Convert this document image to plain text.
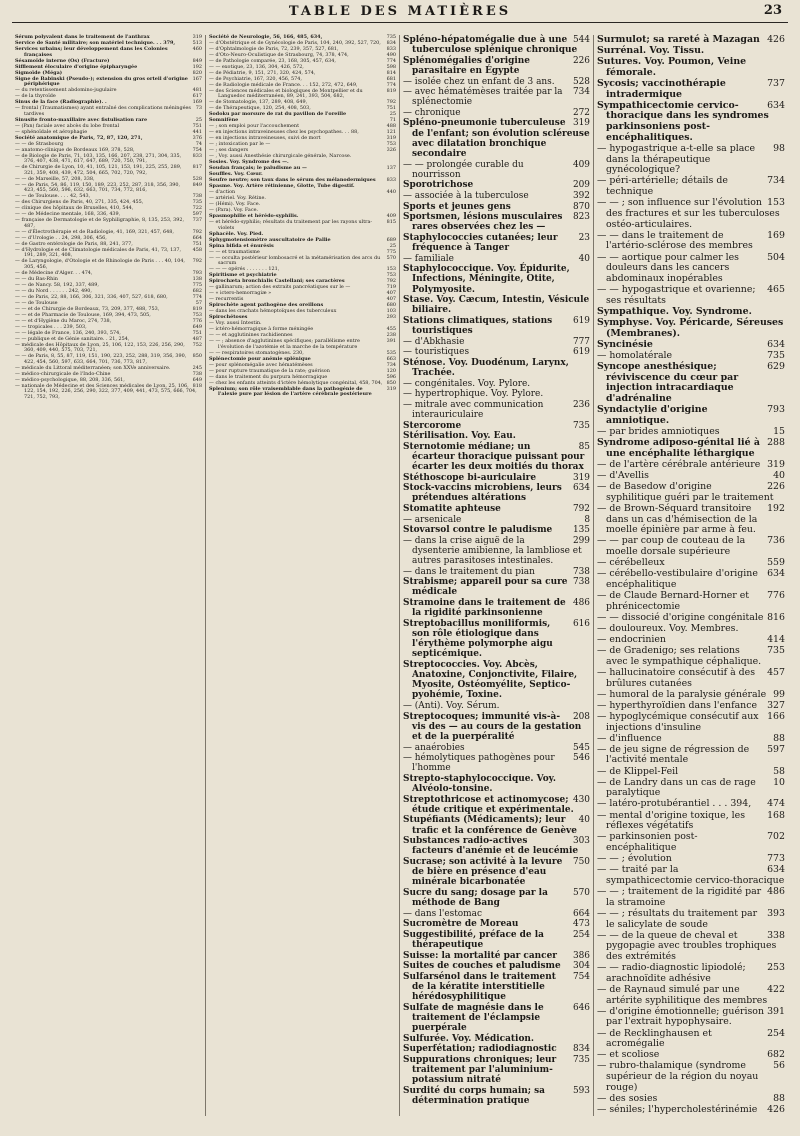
TABLE DES MATIÈRES	23
319
Sérum polyvalent dans le traitement de l'anthrax
513
Service de Santé militaire; son matériel technique. . . 379,
460
Services urbains; leur développement dans les Colonies françaises
849
Sésamoïde interne (Os) (Fracture)
192
Sifflement éloculaire d'origine épipharyngée
820
Sigmoïde (Méga)
167
Signe de Babinski (Pseudo-); extension du gros orteil d'origine périphérique
481
— du retentissement abdomino-jugulaire
617
— de la thyroïde
169
Sinus de la face (Radiographie). .
73
— frontal (Traumatismes) ayant entraîné des complications méningées tardives
25
Sinusite fronto-maxillaire avec fistulisation rare
751
— (Pan) faciale avec abcès du lobe frontal
441
— sphénoïdale et aérophagie
376
Société anatomique de Paris, 72, 87, 120, 271,
74
— — de Strasbourg
754
— anatomo-clinique de Bordeaux 169, 378, 528,
833
— de Biologie de Paris, 71, 103, 135, 166, 207, 238, 271, 304, 335, 376, 407, 438, 471, 617, 647, 689, 720, 750, 791,
817
— de Chirurgie de Lyon, 10, 41, 105, 121, 153, 191, 225, 255, 289, 321, 359, 408, 439, 472, 504, 665, 702, 720, 792,
528
— — de Marseille, 57, 208, 338,
849
— — de Paris, 54, 86, 119, 150, 189, 223, 252, 287, 318, 356, 390, 423, 455, 560, 596, 632, 663, 701, 734, 772, 816,
738
— — de Toulouse. . . . 42, 543,
735
— des Chirurgiens de Paris, 40, 271, 335, 424, 455,
722
— clinique des hôpitaux de Bruxelles, 410, 544,
597
— — de Médecine mentale, 168, 336, 439,
737
— française de Dermatologie et de Syphiligraphie, 8, 135, 253, 392, 487,
792
— — d'Électrothérapie et de Radiologie, 41, 169, 321, 457, 648,
664
— — d'Urologie . . 24, 298, 306, 456,
751
— de Gastro entérologie de Paris, 88, 241, 377,
458
— d'Hydrologie et de Climatologie médicales de Paris, 41, 73, 137, 191, 289, 321, 408,
792
— de Laryngologie, d'Otologie et de Rhinologie de Paris . . . 40, 104, 305, 456,
793
— de Médecine d'Alger. . . 474,
138
— — du Bas-Rhin
775
— — de Nancy. 58, 192, 337, 489,
682
— — du Nord . . . . . . 242, 490,
774
— — de Paris, 22, 88, 166, 306, 321, 336, 407, 527, 618, 680,
57
— — de Toulouse
819
— — et de Chirurgie de Bordeaux, 73, 209, 377, 488, 753,
753
— — et de Pharmacie de Toulouse, 169, 394, 473, 505,
776
— — et d'Hygiène du Maroc, 274, 738,
649
— — tropicales . . . 239, 503,
751
— — légale de France, 136, 240, 393, 574,
487
— — publique et de Génie sanitaire. . 21, 254,
752
— médicale des Hôpitaux de Lyon, 25, 106, 122, 153, 226, 256, 290, 360, 409, 440, 575, 703, 721,
850
— — de Paris, 8, 55, 87, 119, 151, 190, 223, 252, 288, 319, 356, 390, 422, 454, 560, 597, 633, 664, 701, 736, 773, 817,
245
— médicale du Littoral méditerranéen; son XXVe anniversaire.
738
— médico-chirurgicale de l'Indo-Chine
649
— médico-psychologique, 88, 208, 336, 561,
818
— nationale de Médecine et des Sciences médicales de Lyon, 25, 106, 122, 154, 192, 226, 256, 290, 322, 377, 409, 441, 473, 575, 666, 704, 721, 752, 793,
735
Société de Neurologie, 56, 166, 485, 634,
834
— d'Obstétrique et de Gynécologie de Paris, 104, 240, 392, 527, 720,
833
— d'Ophtalmologie de Paris, 72, 239, 357, 527, 681,
490
— d'Oto-Neuro-Oculistique de Strasbourg, 74, 378, 474,
774
— de Pathologie comparée, 23, 168, 305, 457, 634,
598
— — exotique, 23, 136, 304, 426, 572,
814
— de Pédiatrie, 9, 151, 271, 320, 424, 574,
681
— de Psychiatrie, 167, 320, 456, 574,
774
— de Radiologie médicale de France. . . 152, 272, 472, 649,
819
— des Sciences médicales et biologiques de Montpellier et du Languedoc méditerranéen, 89, 241, 393, 504, 682,
792
— de Stomatologie, 137, 289, 408, 649,
751
— de Thérapeutique, 120, 254, 408, 503,
25
Sodoku par morsure de rat du pavillon de l'oreille
71
Somnifène
488
— ; son emploi pour l'accouchement
121
— en injections intraveineuses chez les psychopathes. . . 88,
319
— en injections intraveineuses, suivi de mort
753
— ; intoxication par le —
326
— ; ses dangers
— , Voy. aussi Anesthésie chirurgicale générale, Narcose.
Sosies. Voy. Syndrome des —.
137
Soudan français; le paludisme au —
Souffles. Voy. Cœur.
833
Soufre neutre; son taux dans le sérum des mélanodermiques
Spasme. Voy. Artère rétinienne, Glotte, Tube digestif.
440
— d'action
— artériel. Voy. Rétine.
— (Hémi). Voy. Face.
— (Para). Voy. Face.
409
Spasmophilie et hérédo-syphilis.
815
— et hérédo-syphilis; résultats du traitement par les rayons ultra-violets
Sphacèle. Voy. Pied.
689
Sphygmotensiomètre auscultatoire de Pallie
25
Spina bifida et énurésis
775
— — et traumatisme
570
— — occulta postérieur lombosacré et la métamérisation des arcs du sacrum
153
— — — opérés . . . . . . . 121,
753
Spiritisme et psychiatrie
792
Spirochæta bronchialis Castellani; ses caractères
719
— gallinarum; action des extraits pancréatiques sur le —
407
— « ictero-hemorragiæ »
407
— recurrentis
680
Spirochète agent pathogène des oreillons
103
— dans les crachats hémoptoïques des tuberculeux
293
Spirochétoses
— Voy. aussi Intestin.
455
— ictéro-hémorragique à forme méningée
238
— — et agglutinines rachidiennes
391
— — ; absence d'agglutinines spécifiques; parallélisme entre l'évolution de l'azotémie et la marche de la température
535
— — respiratoires stomatogènes. 230,
663
Splénectomie pour anémie splénique
734
— pour splénomégalie avec hématémèses
120
— pour rupture traumatique de la rate; guérison
596
— dans le traitement du purpura hémorragique
850
— chez les enfants atteints d'ictère hémolytique congénital, 458, 704,
319
Splenium; son rôle vraisemblable dans la pathogénie de l'alexie pure par lésion de l'artère cérébrale postérieure
544
Spléno-hépatomégalie due à une tuberculose splénique chronique
226
Splénomégalies d'origine parasitaire en Égypte
528
— isolée chez un enfant de 3 ans.
734
— avec hématémèses traitée par la splénectomie
272
— chronique
319
Spléno-pneumonie tuberculeuse de l'enfant; son évolution scléreuse avec dilatation bronchique secondaire
409
— — prolongée curable du nourrisson
209
Sporotrichose
392
— associée à la tuberculose
870
Sports et jeunes gens
823
Sportsmen, lésions musculaires rares observées chez les —
23
Staphylococcies cutanées; leur fréquence à Tanger
40
— familiale
Staphylococcique. Voy. Épidurite, Infections, Méningite, Otite, Polymyosite.
Stase. Voy. Cæcum, Intestin, Vésicule biliaire.
619
Stations climatiques, stations touristiques
777
— d'Abkhasie
619
— touristiques
Sténose. Voy. Duodénum, Larynx, Trachée.
— congénitales. Voy. Pylore.
— hypertrophique. Voy. Pylore.
236
— mitrale avec communication interauriculaire
735
Stercorome
Stérilisation. Voy. Eau.
85
Sternotomie médiane; un écarteur thoracique puissant pour écarter les deux moitiés du thorax
319
Stéthoscope bi-auriculaire
634
Stock-vaccins microbiens, leurs prétendues altérations
792
Stomatite aphteuse
8
— arsenicale
135
Stovarsol contre le paludisme
299
— dans la crise aiguë de la dysenterie amibienne, la lambliose et autres parasitoses intestinales.
738
— dans le traitement du pian
738
Strabisme; appareil pour sa cure médicale
486
Stramoine dans le traitement de la rigidité parkinsonienne
616
Streptobacillus moniliformis, son rôle étiologique dans l'érythème polymorphe aigu septicémique.
Streptococcies. Voy. Abcès, Anatoxine, Conjonctivite, Filaire, Myosite, Ostéomyélite, Septico-pyohémie, Toxine.
— (Anti). Voy. Sérum.
208
Streptocoques; immunité vis-à-vis des — au cours de la gestation et de la puerpéralité
545
— anaérobies
546
— hémolytiques pathogènes pour l'homme
Strepto-staphylococcique. Voy. Alvéolo-tonsine.
430
Streptothricose et actinomycose; étude critique et expérimentale.
40
Stupéfiants (Médicaments); leur trafic et la conférence de Genève
303
Substances radio-actives facteurs d'anémie et de leucémie
750
Sucrase; son activité à la levure de bière en présence d'eau minérale bicarbonatée
570
Sucre du sang; dosage par la méthode de Bang
664
— dans l'estomac
473
Sucromètre de Moreau
254
Suggestibilité, préface de la thérapeutique
386
Suisse: la mortalité par cancer
304
Suites de couches et paludisme
754
Sulfarsénol dans le traitement de la kératite interstitielle hérédosyphilitique
646
Sulfate de magnésie dans le traitement de l'éclampsie puerpérale
Sulfurée. Voy. Médication.
834
Superfétation; radiodiagnostic
735
Suppurations chroniques; leur traitement par l'aluminium-potassium nitraté
593
Surdité du corps humain; sa détermination pratique
426
Surmulot; sa rareté à Mazagan
Surrénal. Voy. Tissu.
Sutures. Voy. Poumon, Veine fémorale.
737
Sycosis; vaccinothérapie intradermique
634
Sympathicectomie cervico-thoracique dans les syndromes parkinsoniens post-encéphalitiques.
98
— hypogastrique a-t-elle sa place dans la thérapeutique gynécologique?
734
— péri-artérielle; détails de technique
153
— — ; son influence sur l'évolution des fractures et sur les tuberculoses ostéo-articulaires.
169
— — dans le traitement de l'artério-sclérose des membres
504
— — aortique pour calmer les douleurs dans les cancers abdominaux inopérables
465
— — hypogastrique et ovarienne; ses résultats
Sympathique. Voy. Syndrome.
Symphyse. Voy. Péricarde, Séreuses (Membranes).
634
Syncinésie
735
— homolatérale
629
Syncope anesthésique; réviviscence du cœur par injection intracardiaque d'adrénaline
793
Syndactylie d'origine amniotique.
15
— par brides amniotiques
288
Syndrome adiposo-génital lié à une encéphalite léthargique
319
— de l'artère cérébrale antérieure
40
— d'Avellis
226
— de Basedow d'origine syphilitique guéri par le traitement
192
— de Brown-Séquard transitoire dans un cas d'hémisection de la moelle épinière par arme à feu.
736
— — par coup de couteau de la moelle dorsale supérieure
559
— cérébelleux
634
— cérébello-vestibulaire d'origine encéphalitique
776
— de Claude Bernard-Horner et phrénicectomie
816
— — dissocié d'origine congénitale
— douloureux. Voy. Membres.
414
— endocrinien
735
— de Gradenigo; ses relations avec le sympathique céphalique.
457
— hallucinatoire consécutif à des brûlures cutanées
99
— humoral de la paralysie générale
327
— hyperthyroïdien dans l'enfance
166
— hypoglycémique consécutif aux injections d'insuline
88
— d'influence
597
— de jeu signe de régression de l'activité mentale
58
— de Klippel-Feil
10
— de Landry dans un cas de rage paralytique
474
— latéro-protubérantiel . . . 394,
168
— mental d'origine toxique, les réflexes végétatifs
702
— parkinsonien post-encéphalitique
773
— — ; évolution
634
— — traité par la sympathicectomie cervico-thoracique
486
— — ; traitement de la rigidité par la stramoine
393
— — ; résultats du traitement par le salicylate de soude
338
— — de la queue de cheval et pygopagie avec troubles trophiques des extrémités
253
— — radio-diagnostic lipiodolé; arachnoïdite adhésive
422
— de Raynaud simulé par une artérite syphilitique des membres
391
— d'origine émotionnelle; guérison par l'extrait hypophysaire.
254
— de Recklinghausen et acromégalie
682
— et scoliose
56
— rubro-thalamique (syndrome supérieur de la région du noyau rouge)
88
— des sosies
426
— séniles; l'hypercholestérinémie
